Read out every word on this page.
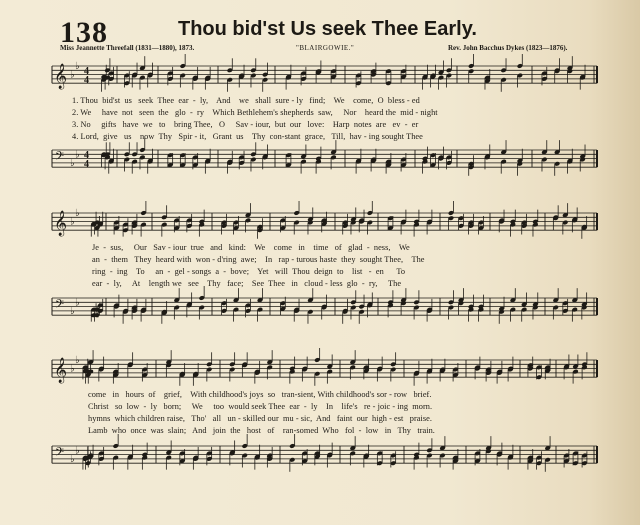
138	Thou bid'st Us seek Thee Early.
Miss Jeannette Threefall (1831—1880), 1873.	"BLAIRGOWIE."	Rev. John Bacchus Dykes (1823—1876).
𝄞
𝄢
♭
♭
♭
♭
4
4
4
4
𝄞
𝄢
♭
♭
♭
♭
𝄞
𝄢
♭
♭
♭
♭
1. Thou  bid'st  us   seek  Thee  ear  -  ly,    And    we   shall  sure - ly   find;    We    come,  O  bless - ed
2. We     have  not   seen  the   glo  -  ry    Which Bethlehem's shepherds  saw,     Nor    heard the  mid - night
3. No     gifts   have  we   to    bring Thee,   O     Sav - iour,  but  our   love:    Harp  notes  are   ev  -  er
4. Lord,  give   us    now  Thy   Spir - it,   Grant  us    Thy  con-stant  grace,   Till,  hav - ing sought Thee
Je  -  sus,     Our   Sav - iour  true   and   kind:    We    come   in    time   of   glad  -  ness,    We
an  -  them   They  heard with  won - d'ring  awe;    In   rap - turous haste  they  sought Thee,    The
ring  -  ing    To     an  -  gel - songs  a  -  bove;    Yet   will  Thou  deign  to    list   -  en      To
ear  -  ly,     At    length we   see    Thy   face;    See  Thee   in   cloud - less  glo  -  ry,     The
come   in   hours  of    grief,    With childhood's joys  so   tran-sient, With childhood's sor - row   brief.
Christ   so  low  -  ly   born;     We     too  would seek Thee  ear  -  ly    In    life's   re - joic - ing  morn.
hymns  which children raise,   Tho'   all   un - skilled our  mu - sic,  And   faint  our  high - est   praise.
Lamb  who  once  was  slain;   And   join  the   host   of    ran-somed  Who   fol  -  low   in   Thy   train.
